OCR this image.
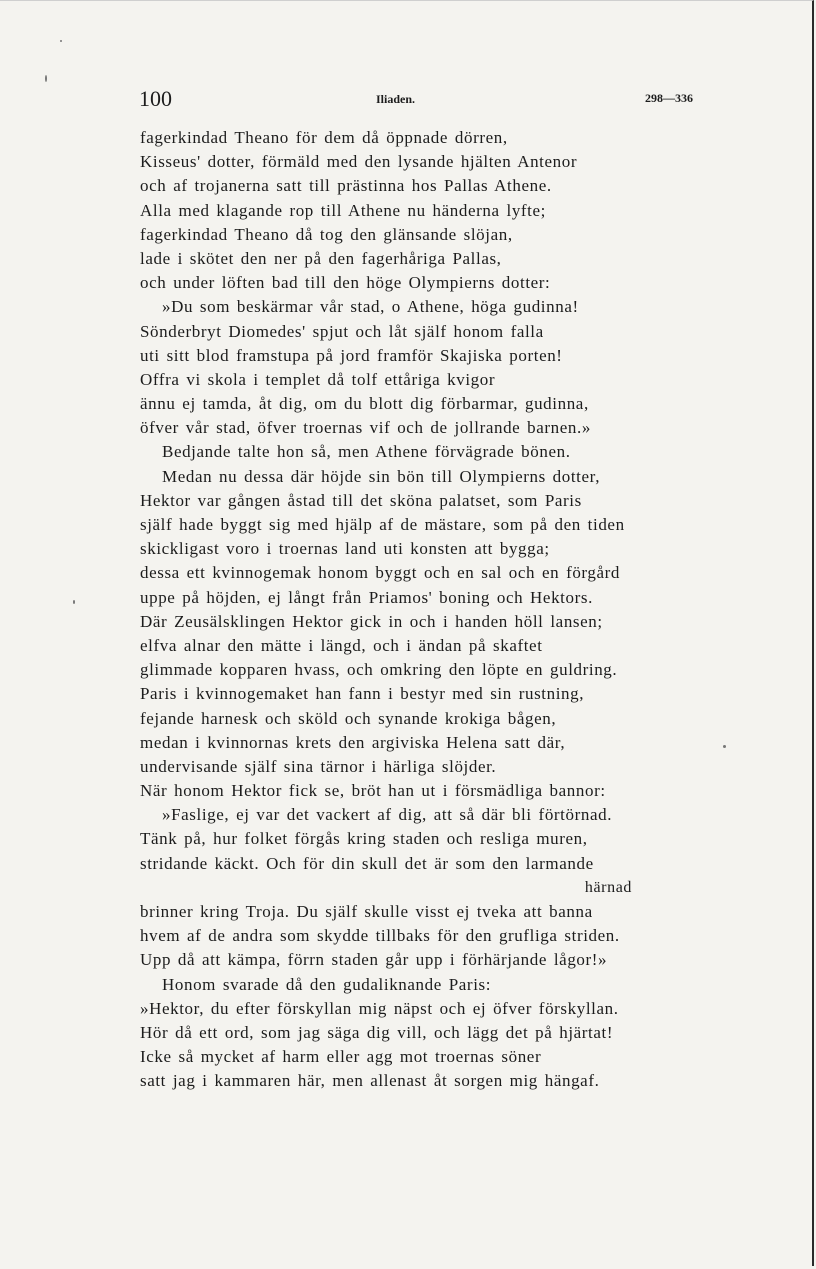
100	Iliaden.	298—336
fagerkindad Theano för dem då öppnade dörren,
Kisseus' dotter, förmäld med den lysande hjälten Antenor
och af trojanerna satt till prästinna hos Pallas Athene.
Alla med klagande rop till Athene nu händerna lyfte;
fagerkindad Theano då tog den glänsande slöjan,
lade i skötet den ner på den fagerhåriga Pallas,
och under löften bad till den höge Olympierns dotter:
»Du som beskärmar vår stad, o Athene, höga gudinna!
Sönderbryt Diomedes' spjut och låt själf honom falla
uti sitt blod framstupa på jord framför Skajiska porten!
Offra vi skola i templet då tolf ettåriga kvigor
ännu ej tamda, åt dig, om du blott dig förbarmar, gudinna,
öfver vår stad, öfver troernas vif och de jollrande barnen.»
Bedjande talte hon så, men Athene förvägrade bönen.
Medan nu dessa där höjde sin bön till Olympierns dotter,
Hektor var gången åstad till det sköna palatset, som Paris
själf hade byggt sig med hjälp af de mästare, som på den tiden
skickligast voro i troernas land uti konsten att bygga;
dessa ett kvinnogemak honom byggt och en sal och en förgård
uppe på höjden, ej långt från Priamos' boning och Hektors.
Där Zeusälsklingen Hektor gick in och i handen höll lansen;
elfva alnar den mätte i längd, och i ändan på skaftet
glimmade kopparen hvass, och omkring den löpte en guldring.
Paris i kvinnogemaket han fann i bestyr med sin rustning,
fejande harnesk och sköld och synande krokiga bågen,
medan i kvinnornas krets den argiviska Helena satt där,
undervisande själf sina tärnor i härliga slöjder.
När honom Hektor fick se, bröt han ut i försmädliga bannor:
»Faslige, ej var det vackert af dig, att så där bli förtörnad.
Tänk på, hur folket förgås kring staden och resliga muren,
stridande käckt. Och för din skull det är som den larmande
härnad
brinner kring Troja. Du själf skulle visst ej tveka att banna
hvem af de andra som skydde tillbaks för den grufliga striden.
Upp då att kämpa, förrn staden går upp i förhärjande lågor!»
Honom svarade då den gudaliknande Paris:
»Hektor, du efter förskyllan mig näpst och ej öfver förskyllan.
Hör då ett ord, som jag säga dig vill, och lägg det på hjärtat!
Icke så mycket af harm eller agg mot troernas söner
satt jag i kammaren här, men allenast åt sorgen mig hängaf.
